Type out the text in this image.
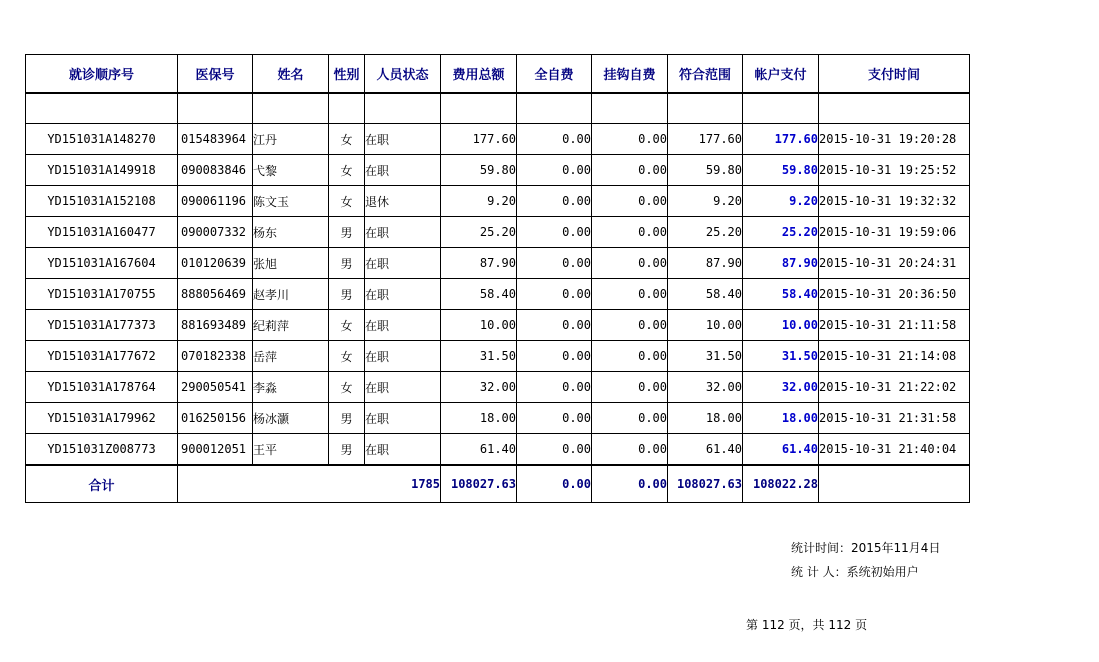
就诊顺序号	医保号	姓名	性别	人员状态	费用总额	全自费	挂钩自费	符合范围	帐户支付	支付时间

YD151031A148270	015483964	江丹	女	在职	177.60	0.00	0.00	177.60	177.60	2015-10-31 19:20:28
YD151031A149918	090083846	弋黎	女	在职	59.80	0.00	0.00	59.80	59.80	2015-10-31 19:25:52
YD151031A152108	090061196	陈文玉	女	退休	9.20	0.00	0.00	9.20	9.20	2015-10-31 19:32:32
YD151031A160477	090007332	杨东	男	在职	25.20	0.00	0.00	25.20	25.20	2015-10-31 19:59:06
YD151031A167604	010120639	张旭	男	在职	87.90	0.00	0.00	87.90	87.90	2015-10-31 20:24:31
YD151031A170755	888056469	赵孝川	男	在职	58.40	0.00	0.00	58.40	58.40	2015-10-31 20:36:50
YD151031A177373	881693489	纪莉萍	女	在职	10.00	0.00	0.00	10.00	10.00	2015-10-31 21:11:58
YD151031A177672	070182338	岳萍	女	在职	31.50	0.00	0.00	31.50	31.50	2015-10-31 21:14:08
YD151031A178764	290050541	李淼	女	在职	32.00	0.00	0.00	32.00	32.00	2015-10-31 21:22:02
YD151031A179962	016250156	杨冰灏	男	在职	18.00	0.00	0.00	18.00	18.00	2015-10-31 21:31:58
YD151031Z008773	900012051	王平	男	在职	61.40	0.00	0.00	61.40	61.40	2015-10-31 21:40:04
合计	1785				108027.63	0.00	0.00	108027.63	108022.28	
统计时间：2015年11月4日
统 计 人：系统初始用户
第 112 页，共 112 页
